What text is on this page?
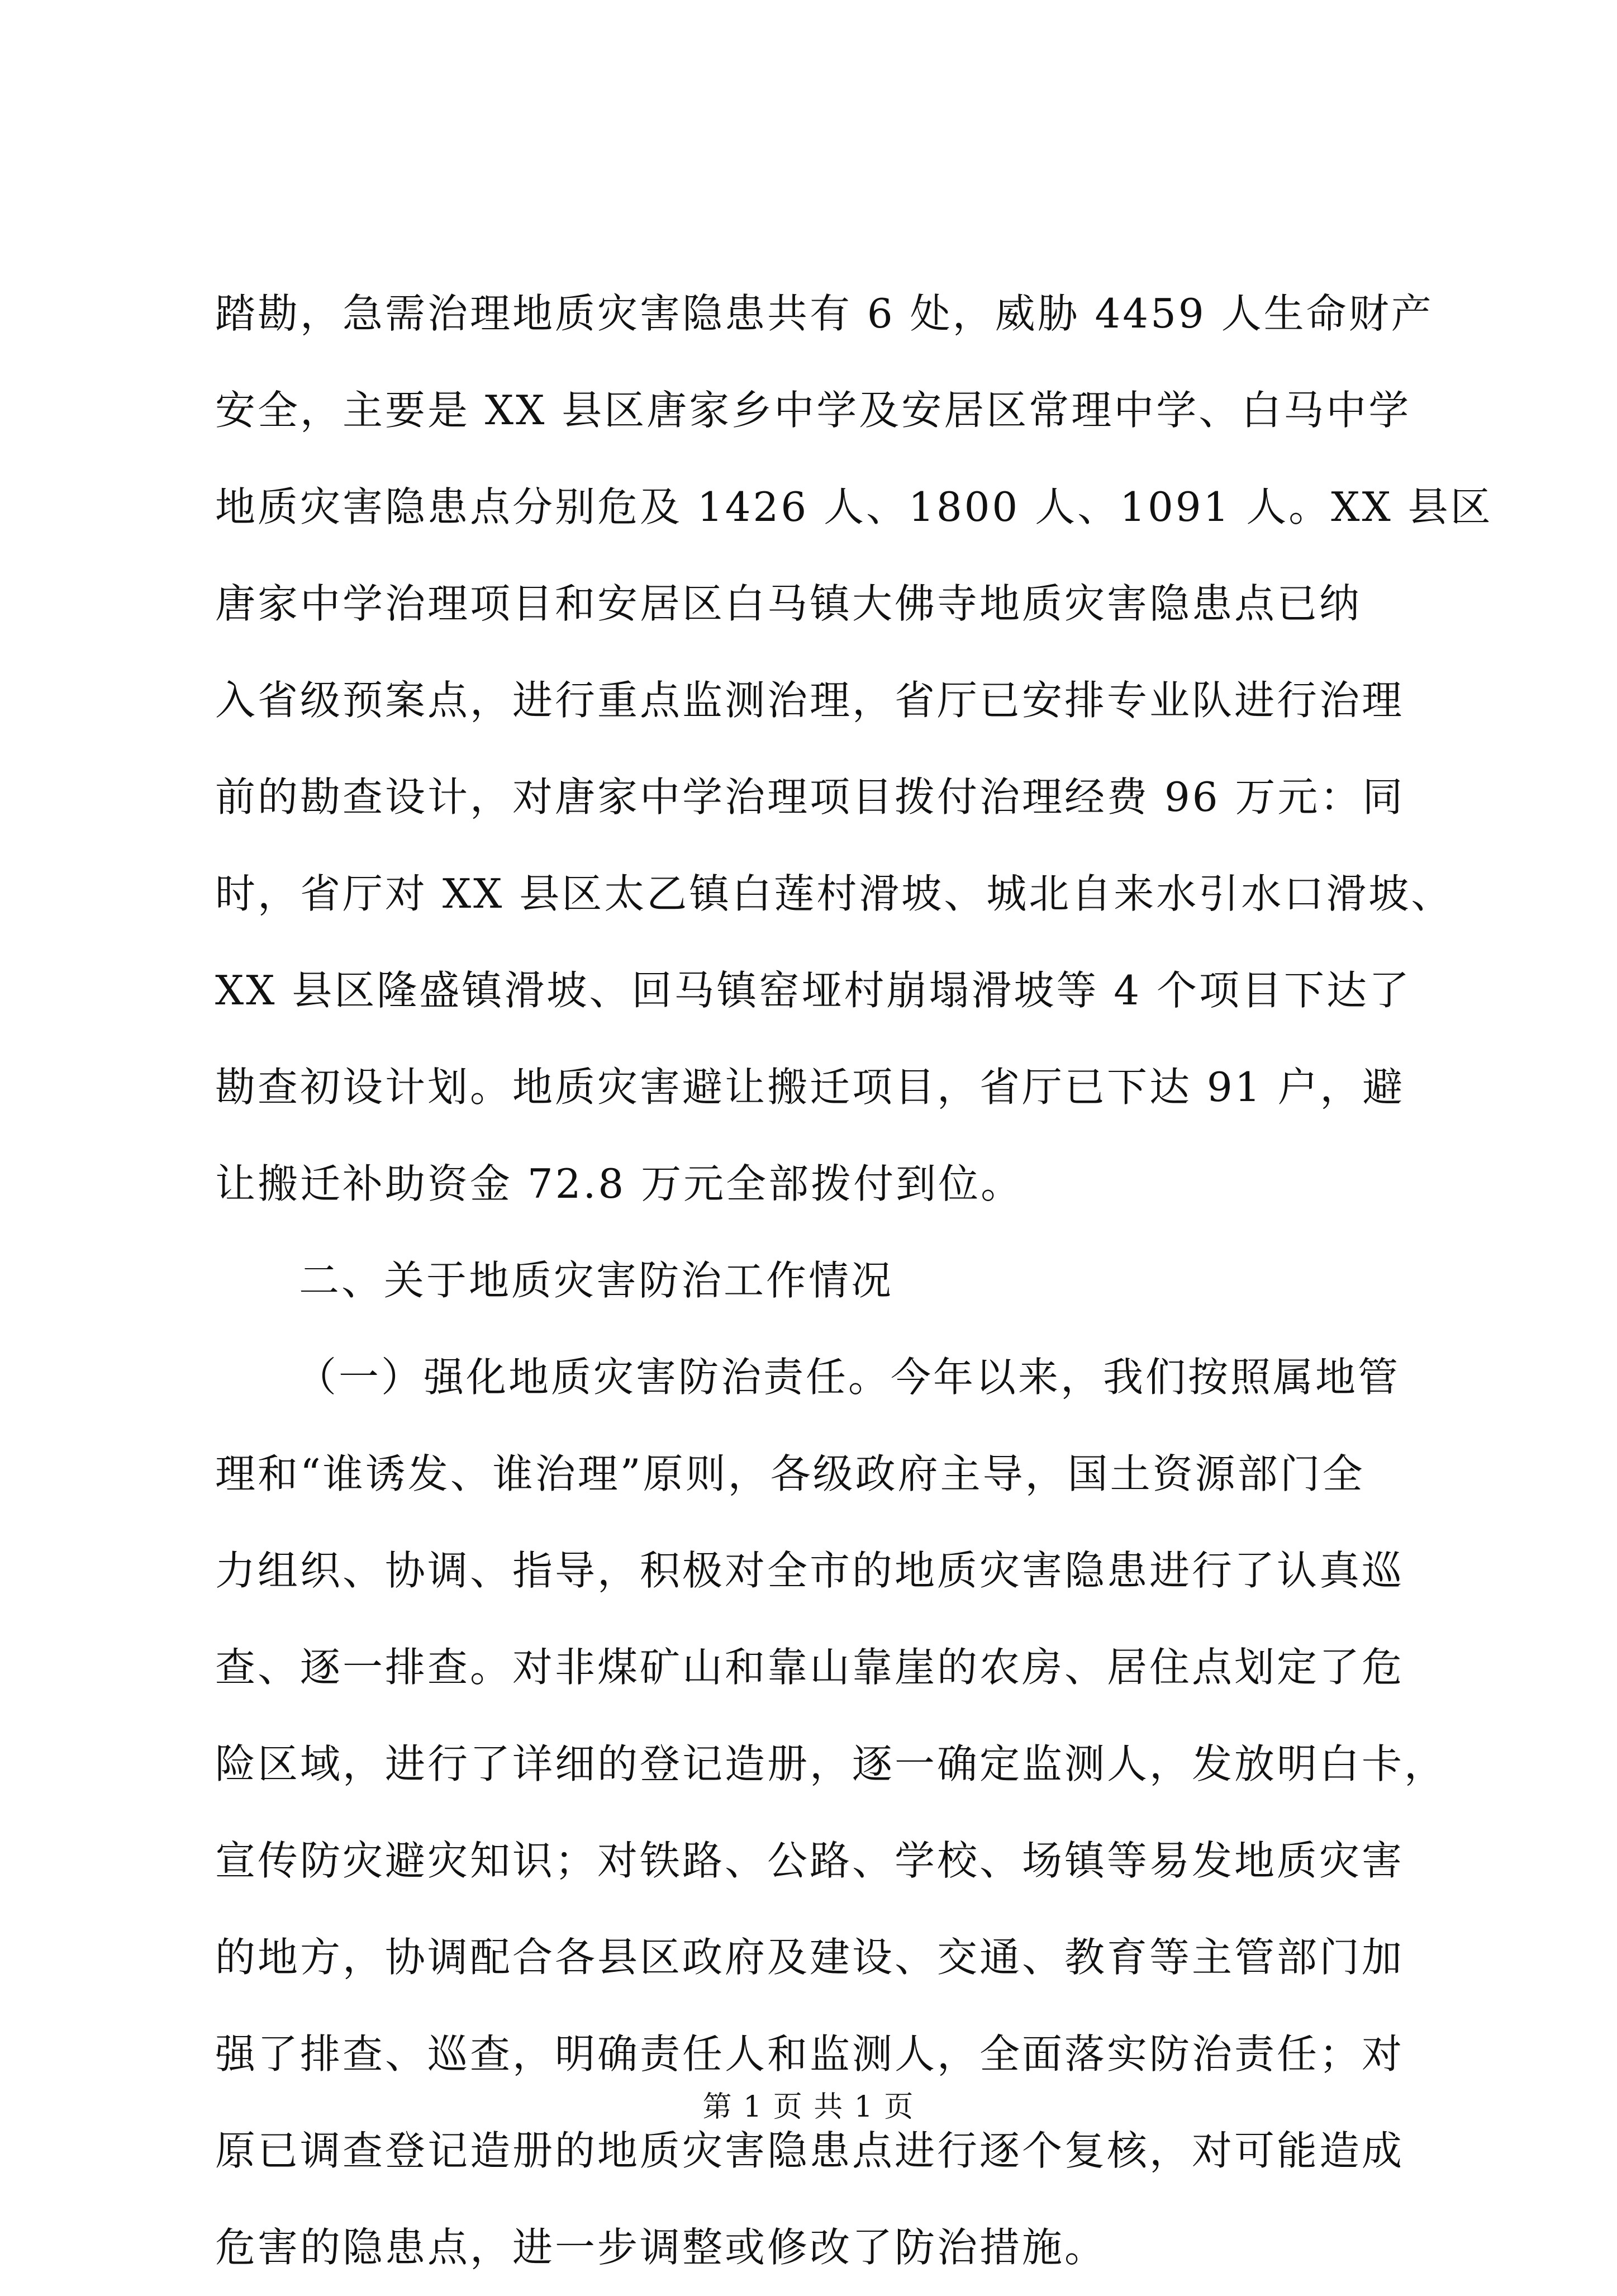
踏勘，急需治理地质灾害隐患共有 6 处，威胁 4459 人生命财产
安全，主要是 XX 县区唐家乡中学及安居区常理中学、白马中学
地质灾害隐患点分别危及 1426 人、1800 人、1091 人。XX 县区
唐家中学治理项目和安居区白马镇大佛寺地质灾害隐患点已纳
入省级预案点，进行重点监测治理，省厅已安排专业队进行治理
前的勘查设计，对唐家中学治理项目拨付治理经费 96 万元：同
时，省厅对 XX 县区太乙镇白莲村滑坡、城北自来水引水口滑坡、
XX 县区隆盛镇滑坡、回马镇窑垭村崩塌滑坡等 4 个项目下达了
勘查初设计划。地质灾害避让搬迁项目，省厅已下达 91 户，避
让搬迁补助资金 72.8 万元全部拨付到位。
二、关于地质灾害防治工作情况
（一）强化地质灾害防治责任。今年以来，我们按照属地管
理和“谁诱发、谁治理”原则，各级政府主导，国土资源部门全
力组织、协调、指导，积极对全市的地质灾害隐患进行了认真巡
查、逐一排查。对非煤矿山和靠山靠崖的农房、居住点划定了危
险区域，进行了详细的登记造册，逐一确定监测人，发放明白卡，
宣传防灾避灾知识；对铁路、公路、学校、场镇等易发地质灾害
的地方，协调配合各县区政府及建设、交通、教育等主管部门加
强了排查、巡查，明确责任人和监测人，全面落实防治责任；对
原已调查登记造册的地质灾害隐患点进行逐个复核，对可能造成
危害的隐患点，进一步调整或修改了防治措施。
第 1 页 共 1 页
